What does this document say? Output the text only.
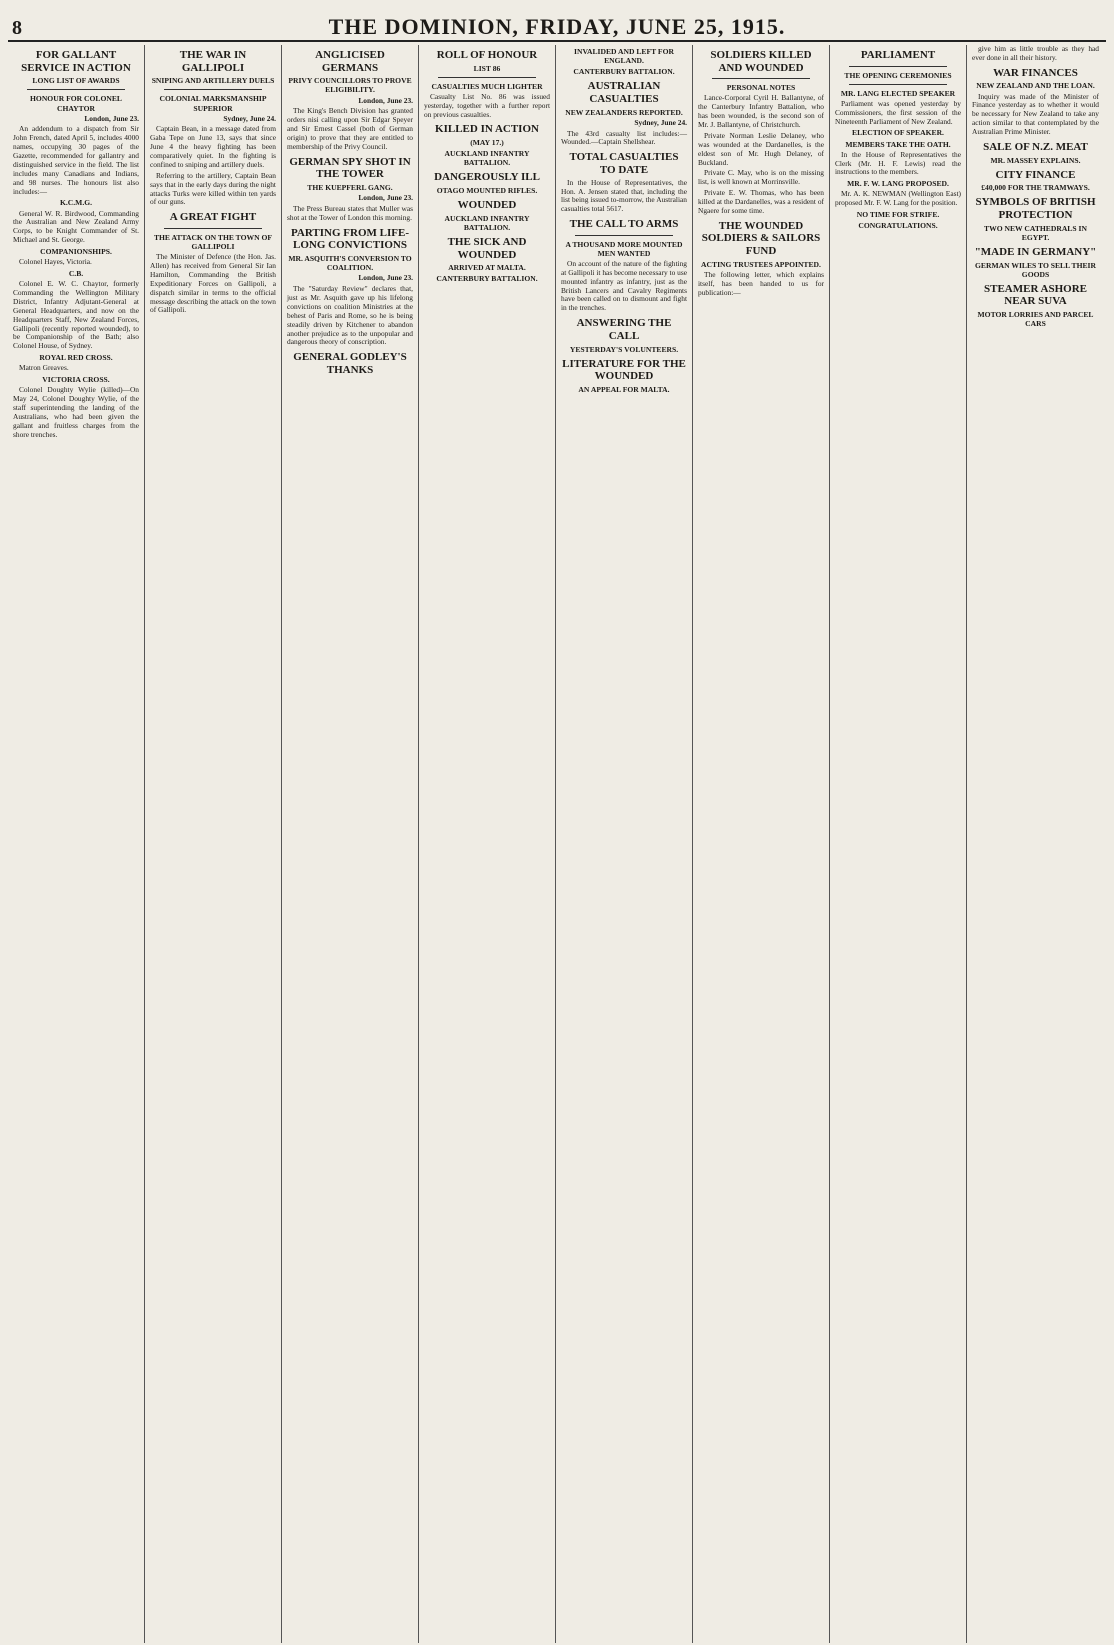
8	THE DOMINION, FRIDAY, JUNE 25, 1915.
FOR GALLANT SERVICE IN ACTION
LONG LIST OF AWARDS
HONOUR FOR COLONEL CHAYTOR
London, June 23.

An addendum to a dispatch from Sir John French, dated April 5, includes 4000 names, occupying 30 pages of the Gazette, recommended for gallantry and distinguished service in the field. The list includes many Canadians and Indians, and 98 nurses. The honours list also includes:—

K.C.M.G.

General W. R. Birdwood, Commanding the Australian and New Zealand Army Corps, to be Knight Commander of St. Michael and St. George.

COMPANIONSHIPS.

Colonel Hayes, Victoria.

C.B.

Colonel E. W. C. Chaytor, formerly Commanding the Wellington Military District, Infantry Adjutant-General at General Headquarters, and now on the Headquarters Staff, New Zealand Forces, Gallipoli (recently reported wounded), to be Companionship of the Bath; also Colonel House, of Sydney.

ROYAL RED CROSS.

Matron Greaves.

VICTORIA CROSS.

Colonel Doughty Wylie (killed)—On May 24, Colonel Doughty Wylie, of the staff superintending the landing of the Australians, who had been given the gallant and fruitless charges from the shore trenches.

THE WAR IN GALLIPOLI
SNIPING AND ARTILLERY DUELS
COLONIAL MARKSMANSHIP SUPERIOR
Sydney, June 24.

Captain Bean, in a message dated from Gaba Tepe on June 13, says that since June 4 the heavy fighting has been comparatively quiet. In the fighting is confined to sniping and artillery duels.

Referring to the artillery, Captain Bean says that in the early days during the night attacks Turks were killed within ten yards of our guns.

A GREAT FIGHT
THE ATTACK ON THE TOWN OF GALLIPOLI

The Minister of Defence (the Hon. Jas. Allen) has received from General Sir Ian Hamilton, Commanding the British Expeditionary Forces on Gallipoli, a dispatch similar in terms to the official message describing the attack on the town of Gallipoli.

ANGLICISED GERMANS
PRIVY COUNCILLORS TO PROVE ELIGIBILITY.
London, June 23.

The King's Bench Division has granted orders nisi calling upon Sir Edgar Speyer and Sir Ernest Cassel (both of German origin) to prove that they are entitled to membership of the Privy Council.

GERMAN SPY SHOT IN THE TOWER
THE KUEPFERL GANG.
London, June 23.

The Press Bureau states that Muller was shot at the Tower of London this morning.

PARTING FROM LIFE-LONG CONVICTIONS
MR. ASQUITH'S CONVERSION TO COALITION.
London, June 23.

The "Saturday Review" declares that, just as Mr. Asquith gave up his lifelong convictions on coalition Ministries at the behest of Paris and Rome, so he is being steadily driven by Kitchener to abandon another prejudice as to the unpopular and dangerous theory of conscription.

GENERAL GODLEY'S THANKS
ROLL OF HONOUR
LIST 86
CASUALTIES MUCH LIGHTER

Casualty List No. 86 was issued yesterday, together with a further report on previous casualties.

KILLED IN ACTION
(MAY 17.)
AUCKLAND INFANTRY BATTALION.
DANGEROUSLY ILL
OTAGO MOUNTED RIFLES.
WOUNDED
AUCKLAND INFANTRY BATTALION.
THE SICK AND WOUNDED
ARRIVED AT MALTA.
CANTERBURY BATTALION.
INVALIDED AND LEFT FOR ENGLAND.
CANTERBURY BATTALION.
AUSTRALIAN CASUALTIES
NEW ZEALANDERS REPORTED.
Sydney, June 24.

The 43rd casualty list includes:— Wounded.—Captain Shellshear.

TOTAL CASUALTIES TO DATE

In the House of Representatives, the Hon. A. Jensen stated that, including the list being issued to-morrow, the Australian casualties total 5617.

THE CALL TO ARMS
A THOUSAND MORE MOUNTED MEN WANTED

On account of the nature of the fighting at Gallipoli it has become necessary to use mounted infantry as infantry, just as the British Lancers and Cavalry Regiments have been called on to dismount and fight in the trenches.

ANSWERING THE CALL
YESTERDAY'S VOLUNTEERS.
LITERATURE FOR THE WOUNDED
AN APPEAL FOR MALTA.
SOLDIERS KILLED AND WOUNDED
PERSONAL NOTES

Lance-Corporal Cyril H. Ballantyne, of the Canterbury Infantry Battalion, who has been wounded, is the second son of Mr. J. Ballantyne, of Christchurch.

Private Norman Leslie Delaney, who was wounded at the Dardanelles, is the eldest son of Mr. Hugh Delaney, of Buckland.

Private C. May, who is on the missing list, is well known at Morrinsville.

Private E. W. Thomas, who has been killed at the Dardanelles, was a resident of Ngaere for some time.

THE WOUNDED SOLDIERS & SAILORS FUND
ACTING TRUSTEES APPOINTED.

The following letter, which explains itself, has been handed to us for publication:—

PARLIAMENT
THE OPENING CEREMONIES
MR. LANG ELECTED SPEAKER

Parliament was opened yesterday by Commissioners, the first session of the Nineteenth Parliament of New Zealand.

ELECTION OF SPEAKER.
MEMBERS TAKE THE OATH.

In the House of Representatives the Clerk (Mr. H. F. Lewis) read the instructions to the members.

MR. F. W. LANG PROPOSED.

Mr. A. K. NEWMAN (Wellington East) proposed Mr. F. W. Lang for the position.

NO TIME FOR STRIFE.
CONGRATULATIONS.

give him as little trouble as they had ever done in all their history.

WAR FINANCES
NEW ZEALAND AND THE LOAN.

Inquiry was made of the Minister of Finance yesterday as to whether it would be necessary for New Zealand to take any action similar to that contemplated by the Australian Prime Minister.

SALE OF N.Z. MEAT
MR. MASSEY EXPLAINS.
CITY FINANCE
£40,000 FOR THE TRAMWAYS.
SYMBOLS OF BRITISH PROTECTION
TWO NEW CATHEDRALS IN EGYPT.
"MADE IN GERMANY"
GERMAN WILES TO SELL THEIR GOODS
STEAMER ASHORE NEAR SUVA
MOTOR LORRIES AND PARCEL CARS
